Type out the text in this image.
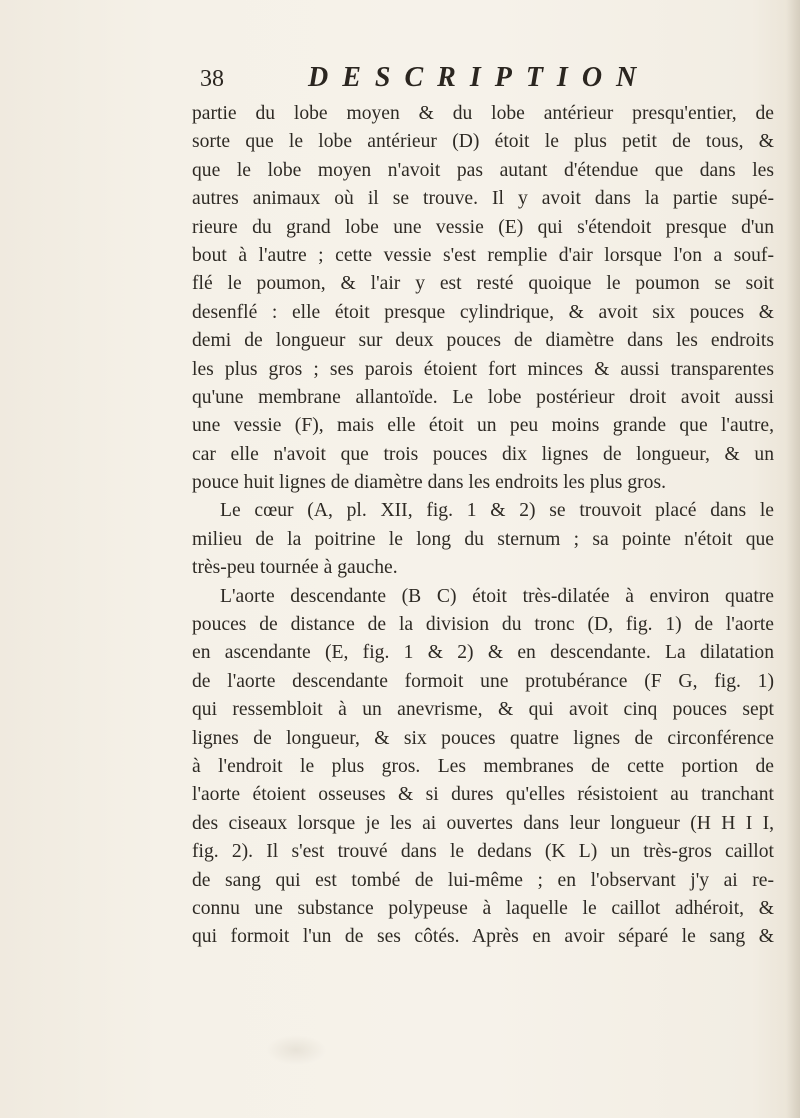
38	DESCRIPTION
partie du lobe moyen & du lobe antérieur presqu'entier, de
sorte que le lobe antérieur (D) étoit le plus petit de tous, &
que le lobe moyen n'avoit pas autant d'étendue que dans les
autres animaux où il se trouve. Il y avoit dans la partie supé-
rieure du grand lobe une vessie (E) qui s'étendoit presque d'un
bout à l'autre ; cette vessie s'est remplie d'air lorsque l'on a souf-
flé le poumon, & l'air y est resté quoique le poumon se soit
desenflé : elle étoit presque cylindrique, & avoit six pouces &
demi de longueur sur deux pouces de diamètre dans les endroits
les plus gros ; ses parois étoient fort minces & aussi transparentes
qu'une membrane allantoïde. Le lobe postérieur droit avoit aussi
une vessie (F), mais elle étoit un peu moins grande que l'autre,
car elle n'avoit que trois pouces dix lignes de longueur, & un
pouce huit lignes de diamètre dans les endroits les plus gros.
Le cœur (A, pl. XII, fig. 1 & 2) se trouvoit placé dans le
milieu de la poitrine le long du sternum ; sa pointe n'étoit que
très-peu tournée à gauche.
L'aorte descendante (B C) étoit très-dilatée à environ quatre
pouces de distance de la division du tronc (D, fig. 1) de l'aorte
en ascendante (E, fig. 1 & 2) & en descendante. La dilatation
de l'aorte descendante formoit une protubérance (F G, fig. 1)
qui ressembloit à un anevrisme, & qui avoit cinq pouces sept
lignes de longueur, & six pouces quatre lignes de circonférence
à l'endroit le plus gros. Les membranes de cette portion de
l'aorte étoient osseuses & si dures qu'elles résistoient au tranchant
des ciseaux lorsque je les ai ouvertes dans leur longueur (H H I I,
fig. 2). Il s'est trouvé dans le dedans (K L) un très-gros caillot
de sang qui est tombé de lui-même ; en l'observant j'y ai re-
connu une substance polypeuse à laquelle le caillot adhéroit, &
qui formoit l'un de ses côtés. Après en avoir séparé le sang &
